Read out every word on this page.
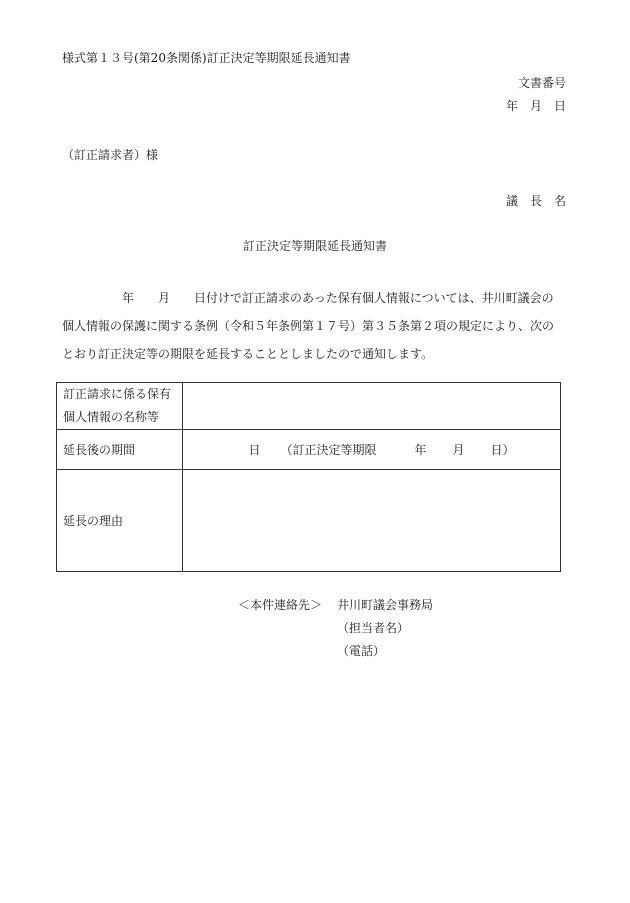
様式第１３号(第20条関係)訂正決定等期限延長通知書
文書番号
年　月　日
（訂正請求者）様
議　長　名
訂正決定等期限延長通知書
　　　　　年　　月　　日付けで訂正請求のあった保有個人情報については、井川町議会の
個人情報の保護に関する条例（令和５年条例第１７号）第３５条第２項の規定により、次の
とおり訂正決定等の期限を延長することとしましたので通知します。
訂正請求に係る保有
個人情報の名称等	

延長後の期間	日 （訂正決定等期限 年 月 日）

延長の理由	
＜本件連絡先＞ 井川町議会事務局
（担当者名）
（電話）
